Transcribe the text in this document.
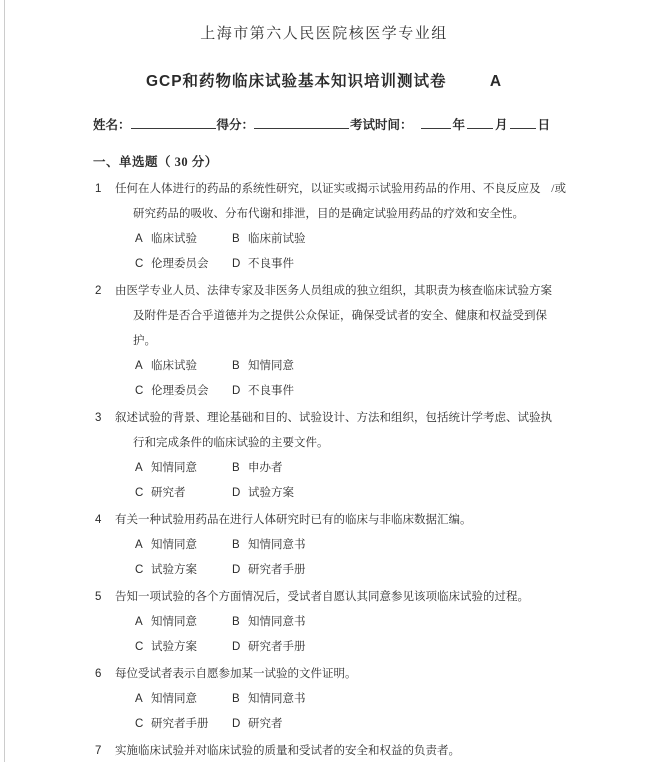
上海市第六人民医院核医学专业组
GCP和药物临床试验基本知识培训测试卷	A
姓名：	得分：	考试时间：	年 月 日
一、单选题（ 30 分）
1	任何在人体进行的药品的系统性研究，以证实或揭示试验用药品的作用、不良反应及 /或
研究药品的吸收、分布代谢和排泄，目的是确定试验用药品的疗效和安全性。
A 临床试验	B 临床前试验
C 伦理委员会 D 不良事件
2	由医学专业人员、法律专家及非医务人员组成的独立组织，其职责为核查临床试验方案
及附件是否合乎道德并为之提供公众保证，确保受试者的安全、健康和权益受到保
护。
A 临床试验	B 知情同意
C 伦理委员会 D 不良事件
3	叙述试验的背景、理论基础和目的、试验设计、方法和组织，包括统计学考虑、试验执
行和完成条件的临床试验的主要文件。
A 知情同意	B 申办者
C 研究者	D 试验方案
4	有关一种试验用药品在进行人体研究时已有的临床与非临床数据汇编。
A 知情同意	B 知情同意书
C 试验方案	D 研究者手册
5	告知一项试验的各个方面情况后，受试者自愿认其同意参见该项临床试验的过程。
A 知情同意	B 知情同意书
C 试验方案	D 研究者手册
6	每位受试者表示自愿参加某一试验的文件证明。
A 知情同意	B 知情同意书
C 研究者手册 D 研究者
7	实施临床试验并对临床试验的质量和受试者的安全和权益的负责者。
